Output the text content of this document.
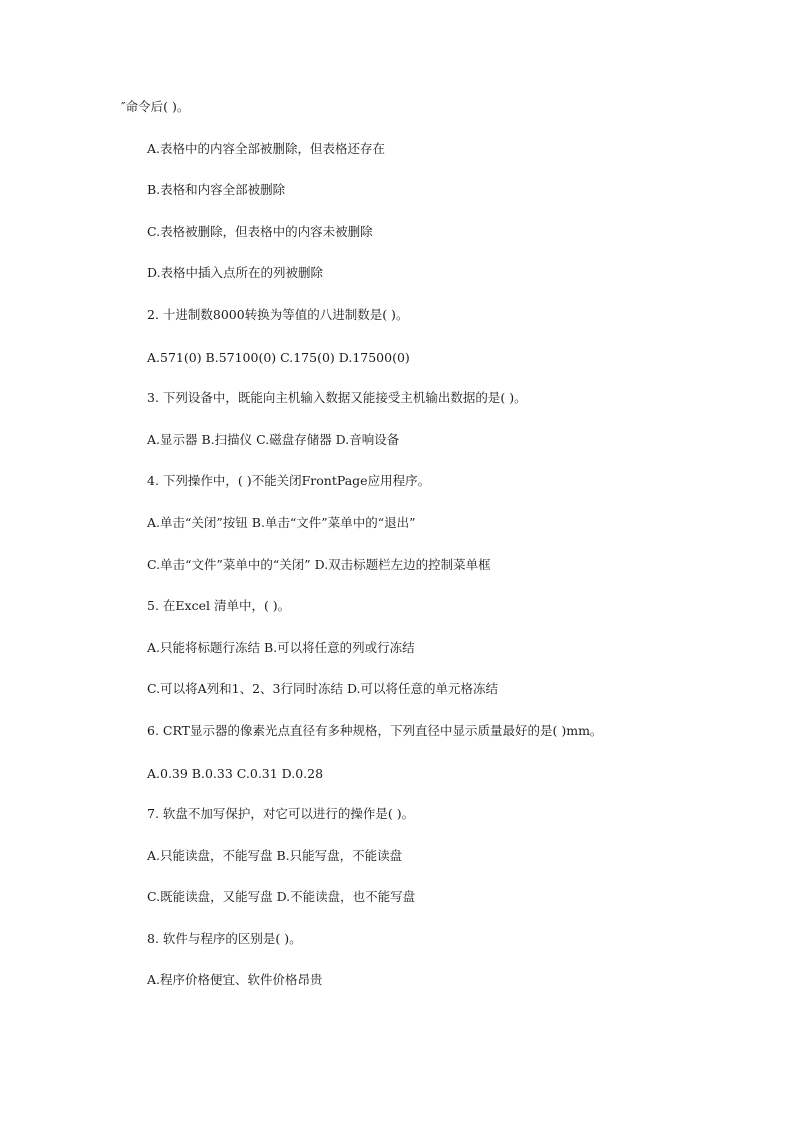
″命令后( )。
A.表格中的内容全部被删除，但表格还存在
B.表格和内容全部被删除
C.表格被删除，但表格中的内容未被删除
D.表格中插入点所在的列被删除
2. 十进制数8000转换为等值的八进制数是( )。
A.571(0) B.57100(0) C.175(0) D.17500(0)
3. 下列设备中，既能向主机输入数据又能接受主机输出数据的是( )。
A.显示器 B.扫描仪 C.磁盘存储器 D.音响设备
4. 下列操作中，( )不能关闭FrontPage应用程序。
A.单击“关闭”按钮 B.单击“文件”菜单中的“退出”
C.单击“文件”菜单中的“关闭” D.双击标题栏左边的控制菜单框
5. 在Excel 清单中，( )。
A.只能将标题行冻结 B.可以将任意的列或行冻结
C.可以将A列和1、2、3行同时冻结 D.可以将任意的单元格冻结
6. CRT显示器的像素光点直径有多种规格，下列直径中显示质量最好的是( )mm。
A.0.39 B.0.33 C.0.31 D.0.28
7. 软盘不加写保护，对它可以进行的操作是( )。
A.只能读盘，不能写盘 B.只能写盘，不能读盘
C.既能读盘，又能写盘 D.不能读盘，也不能写盘
8. 软件与程序的区别是( )。
A.程序价格便宜、软件价格昂贵
